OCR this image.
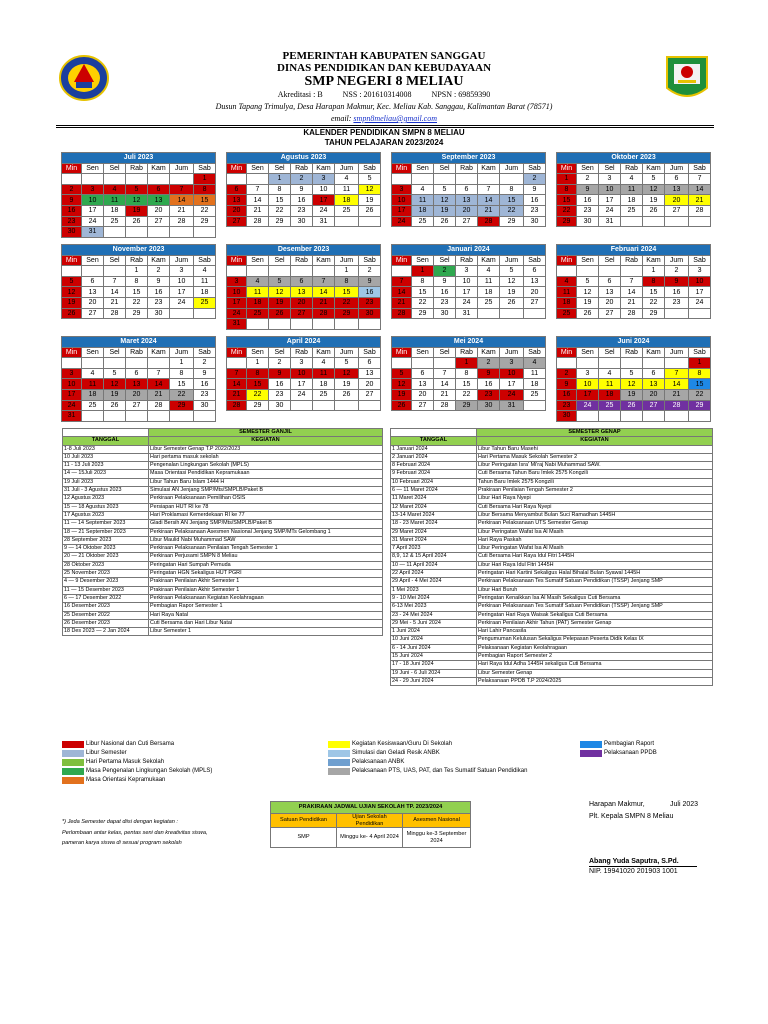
PEMERINTAH KABUPATEN SANGGAU
DINAS PENDIDIKAN DAN KEBUDAYAAN
SMP NEGERI 8 MELIAU
Akreditasi : B          NSS : 201610314008          NPSN : 69859390
Dusun Tapang Trimulya, Desa Harapan Makmur, Kec. Meliau Kab. Sanggau, Kalimantan Barat (78571)
email: smpn8meliau@gmail.com
KALENDER PENDIDIKAN SMPN 8 MELIAU
TAHUN PELAJARAN 2023/2024
Juli 2023						
Min	Sen	Sel	Rab	Kam	Jum	Sab
						1
2	3	4	5	6	7	8
9	10	11	12	13	14	15
16	17	18	19	20	21	22
23	24	25	26	27	28	29
30	31					
Agustus 2023						
Min	Sen	Sel	Rab	Kam	Jum	Sab
		1	2	3	4	5
6	7	8	9	10	11	12
13	14	15	16	17	18	19
20	21	22	23	24	25	26
27	28	29	30	31		
September 2023						
Min	Sen	Sel	Rab	Kam	Jum	Sab
						2
3	4	5	6	7	8	9
10	11	12	13	14	15	16
17	18	19	20	21	22	23
24	25	26	27	28	29	30
Oktober 2023						
Min	Sen	Sel	Rab	Kam	Jum	Sab
1	2	3	4	5	6	7
8	9	10	11	12	13	14
15	16	17	18	19	20	21
22	23	24	25	26	27	28
29	30	31				
November 2023						
Min	Sen	Sel	Rab	Kam	Jum	Sab
			1	2	3	4
5	6	7	8	9	10	11
12	13	14	15	16	17	18
19	20	21	22	23	24	25
26	27	28	29	30		
Desember 2023						
Min	Sen	Sel	Rab	Kam	Jum	Sab
					1	2
3	4	5	6	7	8	9
10	11	12	13	14	15	16
17	18	19	20	21	22	23
24	25	26	27	28	29	30
31						
Januari 2024						
Min	Sen	Sel	Rab	Kam	Jum	Sab
	1	2	3	4	5	6
7	8	9	10	11	12	13
14	15	16	17	18	19	20
21	22	23	24	25	26	27
28	29	30	31			
Februari 2024						
Min	Sen	Sel	Rab	Kam	Jum	Sab
				1	2	3
4	5	6	7	8	9	10
11	12	13	14	15	16	17
18	19	20	21	22	23	24
25	26	27	28	29		
Maret 2024						
Min	Sen	Sel	Rab	Kam	Jum	Sab
					1	2
3	4	5	6	7	8	9
10	11	12	13	14	15	16
17	18	19	20	21	22	23
24	25	26	27	28	29	30
31						
April 2024						
Min	Sen	Sel	Rab	Kam	Jum	Sab
	1	2	3	4	5	6
7	8	9	10	11	12	13
14	15	16	17	18	19	20
21	22	23	24	25	26	27
28	29	30				
Mei 2024						
Min	Sen	Sel	Rab	Kam	Jum	Sab
			1	2	3	4
5	6	7	8	9	10	11
12	13	14	15	16	17	18
19	20	21	22	23	24	25
26	27	28	29	30	31	
Juni 2024						
Min	Sen	Sel	Rab	Kam	Jum	Sab
						1
2	3	4	5	6	7	8
9	10	11	12	13	14	15
16	17	18	19	20	21	22
23	24	25	26	27	28	29
30						
	SEMESTER GANJIL
TANGGAL	KEGIATAN
1-8 Juli 2023	Libur Semester Genap T.P 2022/2023
10 Juli 2023	Hari pertama masuk sekolah
11 - 13 Juli 2023	Pengenalan Lingkungan Sekolah (MPLS)
14 — 15Juli 2023	Masa Orientasi Pendidikan Kepramukaan
19 Juli 2023	Libur Tahun Baru Islam 1444 H
31 Juli - 3 Agustus 2023	Simulasi AN Jenjang SMP/Mts/SMPLB/Paket B
12 Agustus 2023	Perkiraan Pelaksanaan Pemilihan OSIS
15 — 18 Agustus 2023	Persiapan HUT RI ke 78
17 Agustus 2023	Hari Proklamasi Kemerdekaan RI ke 77
11 — 14 September 2023	Gladi Bersih AN Jenjang SMP/Mts/SMPLB/Paket B
18 — 21 September 2023	Perkiraan Pelaksanaan Asesmen Nasional Jenjang SMP/MTs Gelombang 1
28 September 2023	Libur Maulid Nabi Muhammad SAW
9 — 14 Oktober 2023	Perkiraan Pelaksanaan Penilaian Tengah Semester 1
20 — 21 Oktober 2023	Perkiraan Perjusami SMPN 8 Meliau
28 Oktober 2023	Peringatan Hari Sumpah Pemuda
25 November 2023	Peringatan HGN Sekaligus HUT PGRI
4 — 9 Desember 2023	Prakiraan Penilaian Akhir Semester 1
11 — 15 Desember 2023	Prakiraan Penilaian Akhir Semester 1
6 — 17 Desember 2022	Perkiraan Pelaksanaan Kegiatan Keolahragaan
16 Desember 2023	Pembagian Rapor Semester 1
25 Desember 2022	Hari Raya Natal
26 Desember 2023	Cuti Bersama dan Hari Libur Natal
18 Des 2023 — 2 Jan 2024	Libur Semester 1
	SEMESTER GENAP
TANGGAL	KEGIATAN
1 Januari 2024	Libur Tahun Baru Masehi
2 Januari 2024	Hari Pertama Masuk Sekolah Semester 2
8 Februari 2024	Libur Peringatan Isra' Mi'raj Nabi Muhammad SAW.
9 Februari 2024	Cuti Bersama Tahun Baru Imlek 2575 Kongzili
10 Februari 2024	Tahun Baru Imlek 2575 Kongzili
6 — 11 Maret 2024	Prakiraan Penilaian Tengah Semester 2
11 Maret 2024	Libur Hari Raya Nyepi
12 Maret 2024	Cuti Bersama Hari Raya Nyepi
13-14 Maret 2024	Libur Bersama Menyambut Bulan Suci Ramadhan 1445H
18 - 23 Maret 2024	Perkiraan Pelaksanaan UTS Semester Genap
29 Maret 2024	Libur Peringatan Wafat Isa Al Masih
31 Maret 2024	Hari Raya Paskah
7 April 2023	Libur Peringatan Wafat Isa Al Masih
8,9, 12 & 15 April 2024	Cuti Bersama Hari Raya Idul Fitri 1445H
10 — 11 April 2024	Libur Hari Raya Idul Fitri 1445H
22 April 2024	Peringatan Hari Kartini Sekaligus Halal Bihalal Bulan Syawal 1445H
29 April - 4 Mei 2024	Perkiraan Pelaksanaan Tes Sumatif Satuan Pendidikan (TSSP) Jenjang SMP
1 Mei 2023	Libur Hari Buruh
9 - 10 Mei 2024	Peringatan Kenaikkan Isa Al Masih Sekaligus Cuti Bersama
6-13 Mei 2023	Perkiraan Pelaksanaan Tes Sumatif Satuan Pendidikan (TSSP) Jenjang SMP
23 - 24 Mei 2024	Peringatan Hari Raya Waisak Sekaligus Cuti Bersama
29 Mei - 5 Juni 2024	Perkiraan Penilaian Akhir Tahun (PAT) Semester Genap
1 Juni 2024	Hari Lahir Pancasila
10 Juni 2024	Pengumuman Kelulusan Sekaligus Pelepasan Peserta Didik Kelas IX
6 - 14 Juni 2024	Pelaksanaan Kegiatan Keolahragaan
15 Juni 2024	Pembagian Raport Semester 2
17 - 18 Juni 2024	Hari Raya Idul Adha 1445H sekaligus Cuti Bersama
19 Juni - 6 Juli 2024	Libur Semester Genap
24 - 29 Juni 2024	Pelaksanaan PPDB T.P 2024/2025
Libur Nasional dan Cuti Bersama
Libur Semester
Hari Pertama Masuk Sekolah
Masa Pengenalan Lingkungan Sekolah (MPLS)
Masa Orientasi Kepramukaan
Kegiatan Kesiswaan/Guru Di Sekolah
Simulasi dan Geladi Resik ANBK
Pelaksanaan ANBK
Pelaksanaan PTS, UAS, PAT, dan Tes Sumatif Satuan Pendidikan
Pembagian Raport
Pelaksanaan PPDB
PRAKIRAAN JADWAL UJIAN SEKOLAH TP. 2023/2024		
Satuan Pendidikan	Ujian Sekolah Pendidikan	Asesmen Nasional
SMP	Minggu ke- 4 April 2024	Minggu ke-3 September 2024
*) Jeda Semester dapat diisi dengan kegiatan :
Perlombaan antar kelas, pentas seni dan kreativitas siswa,
pameran karya siswa di sesuai program sekolah
Harapan Makmur,	Juli 2023
Plt. Kepala SMPN 8 Meliau
Abang Yuda Saputra, S.Pd.
NIP. 19941020 201903 1001
